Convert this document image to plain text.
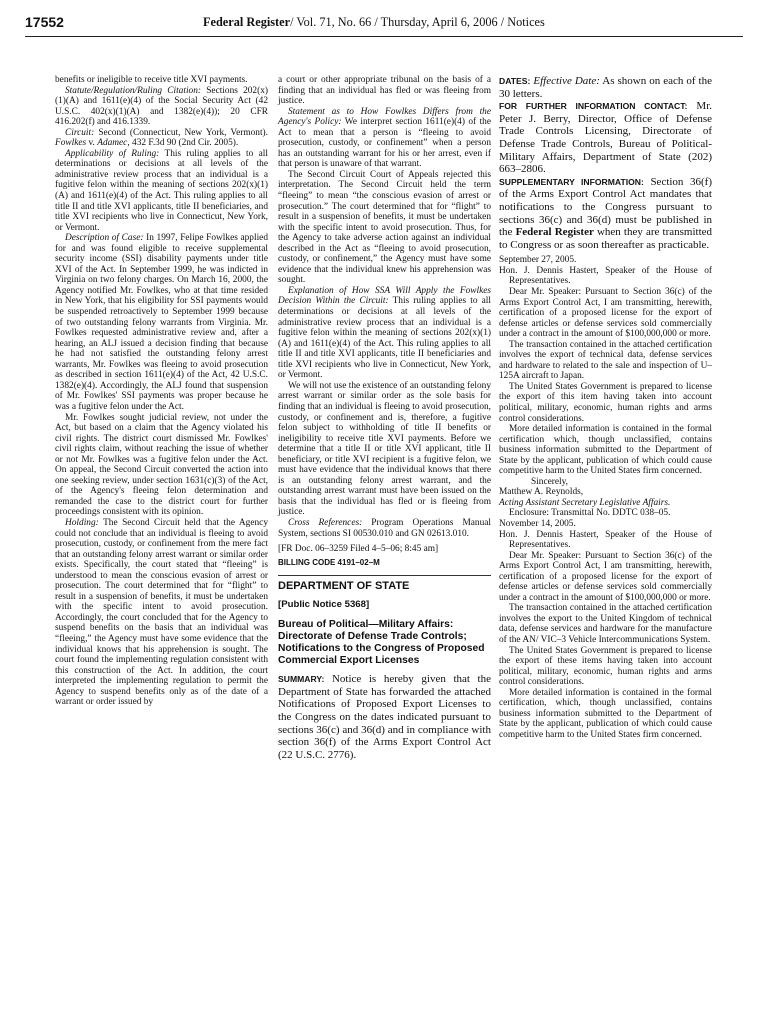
17552	Federal Register/ Vol. 71, No. 66 / Thursday, April 6, 2006 / Notices

benefits or ineligible to receive title XVI payments.

Statute/Regulation/Ruling Citation: Sections 202(x)(1)(A) and 1611(e)(4) of the Social Security Act (42 U.S.C. 402(x)(1)(A) and 1382(e)(4)); 20 CFR 416.202(f) and 416.1339.

Circuit: Second (Connecticut, New York, Vermont). Fowlkes v. Adamec, 432 F.3d 90 (2nd Cir. 2005).

Applicability of Ruling: This ruling applies to all determinations or decisions at all levels of the administrative review process that an individual is a fugitive felon within the meaning of sections 202(x)(1)(A) and 1611(e)(4) of the Act. This ruling applies to all title II and title XVI applicants, title II beneficiaries, and title XVI recipients who live in Connecticut, New York, or Vermont.

Description of Case: In 1997, Felipe Fowlkes applied for and was found eligible to receive supplemental security income (SSI) disability payments under title XVI of the Act. In September 1999, he was indicted in Virginia on two felony charges. On March 16, 2000, the Agency notified Mr. Fowlkes, who at that time resided in New York, that his eligibility for SSI payments would be suspended retroactively to September 1999 because of two outstanding felony warrants from Virginia. Mr. Fowlkes requested administrative review and, after a hearing, an ALJ issued a decision finding that because he had not satisfied the outstanding felony arrest warrants, Mr. Fowlkes was fleeing to avoid prosecution as described in section 1611(e)(4) of the Act, 42 U.S.C. 1382(e)(4). Accordingly, the ALJ found that suspension of Mr. Fowlkes' SSI payments was proper because he was a fugitive felon under the Act.

Mr. Fowlkes sought judicial review, not under the Act, but based on a claim that the Agency violated his civil rights. The district court dismissed Mr. Fowlkes' civil rights claim, without reaching the issue of whether or not Mr. Fowlkes was a fugitive felon under the Act. On appeal, the Second Circuit converted the action into one seeking review, under section 1631(c)(3) of the Act, of the Agency's fleeing felon determination and remanded the case to the district court for further proceedings consistent with its opinion.

Holding: The Second Circuit held that the Agency could not conclude that an individual is fleeing to avoid prosecution, custody, or confinement from the mere fact that an outstanding felony arrest warrant or similar order exists. Specifically, the court stated that “fleeing” is understood to mean the conscious evasion of arrest or prosecution. The court determined that for “flight” to result in a suspension of benefits, it must be undertaken with the specific intent to avoid prosecution. Accordingly, the court concluded that for the Agency to suspend benefits on the basis that an individual was “fleeing,” the Agency must have some evidence that the individual knows that his apprehension is sought. The court found the implementing regulation consistent with this construction of the Act. In addition, the court interpreted the implementing regulation to permit the Agency to suspend benefits only as of the date of a warrant or order issued by

a court or other appropriate tribunal on the basis of a finding that an individual has fled or was fleeing from justice.

Statement as to How Fowlkes Differs from the Agency's Policy: We interpret section 1611(e)(4) of the Act to mean that a person is “fleeing to avoid prosecution, custody, or confinement” when a person has an outstanding warrant for his or her arrest, even if that person is unaware of that warrant.

The Second Circuit Court of Appeals rejected this interpretation. The Second Circuit held the term “fleeing” to mean “the conscious evasion of arrest or prosecution.” The court determined that for “flight” to result in a suspension of benefits, it must be undertaken with the specific intent to avoid prosecution. Thus, for the Agency to take adverse action against an individual described in the Act as “fleeing to avoid prosecution, custody, or confinement,” the Agency must have some evidence that the individual knew his apprehension was sought.

Explanation of How SSA Will Apply the Fowlkes Decision Within the Circuit: This ruling applies to all determinations or decisions at all levels of the administrative review process that an individual is a fugitive felon within the meaning of sections 202(x)(1)(A) and 1611(e)(4) of the Act. This ruling applies to all title II and title XVI applicants, title II beneficiaries and title XVI recipients who live in Connecticut, New York, or Vermont.

We will not use the existence of an outstanding felony arrest warrant or similar order as the sole basis for finding that an individual is fleeing to avoid prosecution, custody, or confinement and is, therefore, a fugitive felon subject to withholding of title II benefits or ineligibility to receive title XVI payments. Before we determine that a title II or title XVI applicant, title II beneficiary, or title XVI recipient is a fugitive felon, we must have evidence that the individual knows that there is an outstanding felony arrest warrant, and the outstanding arrest warrant must have been issued on the basis that the individual has fled or is fleeing from justice.

Cross References: Program Operations Manual System, sections SI 00530.010 and GN 02613.010.

[FR Doc. 06–3259 Filed 4–5–06; 8:45 am]

BILLING CODE 4191–02–M
DEPARTMENT OF STATE
[Public Notice 5368]
Bureau of Political—Military Affairs: Directorate of Defense Trade Controls; Notifications to the Congress of Proposed Commercial Export Licenses

SUMMARY: Notice is hereby given that the Department of State has forwarded the attached Notifications of Proposed Export Licenses to the Congress on the dates indicated pursuant to sections 36(c) and 36(d) and in compliance with section 36(f) of the Arms Export Control Act (22 U.S.C. 2776).

DATES: Effective Date: As shown on each of the 30 letters.

FOR FURTHER INFORMATION CONTACT: Mr. Peter J. Berry, Director, Office of Defense Trade Controls Licensing, Directorate of Defense Trade Controls, Bureau of Political-Military Affairs, Department of State (202) 663–2806.

SUPPLEMENTARY INFORMATION: Section 36(f) of the Arms Export Control Act mandates that notifications to the Congress pursuant to sections 36(c) and 36(d) must be published in the Federal Register when they are transmitted to Congress or as soon thereafter as practicable.

September 27, 2005.

Hon. J. Dennis Hastert, Speaker of the House of Representatives.

Dear Mr. Speaker: Pursuant to Section 36(c) of the Arms Export Control Act, I am transmitting, herewith, certification of a proposed license for the export of defense articles or defense services sold commercially under a contract in the amount of $100,000,000 or more.

The transaction contained in the attached certification involves the export of technical data, defense services and hardware to related to the sale and inspection of U–125A aircraft to Japan.

The United States Government is prepared to license the export of this item having taken into account political, military, economic, human rights and arms control considerations.

More detailed information is contained in the formal certification which, though unclassified, contains business information submitted to the Department of State by the applicant, publication of which could cause competitive harm to the United States firm concerned.

Sincerely,

Matthew A. Reynolds,

Acting Assistant Secretary Legislative Affairs.

Enclosure: Transmittal No. DDTC 038–05.

November 14, 2005.

Hon. J. Dennis Hastert, Speaker of the House of Representatives.

Dear Mr. Speaker: Pursuant to Section 36(c) of the Arms Export Control Act, I am transmitting, herewith, certification of a proposed license for the export of defense articles or defense services sold commercially under a contract in the amount of $100,000,000 or more.

The transaction contained in the attached certification involves the export to the United Kingdom of technical data, defense services and hardware for the manufacture of the AN/ VIC–3 Vehicle Intercommunications System.

The United States Government is prepared to license the export of these items having taken into account political, military, economic, human rights and arms control considerations.

More detailed information is contained in the formal certification, which, though unclassified, contains business information submitted to the Department of State by the applicant, publication of which could cause competitive harm to the United States firm concerned.
